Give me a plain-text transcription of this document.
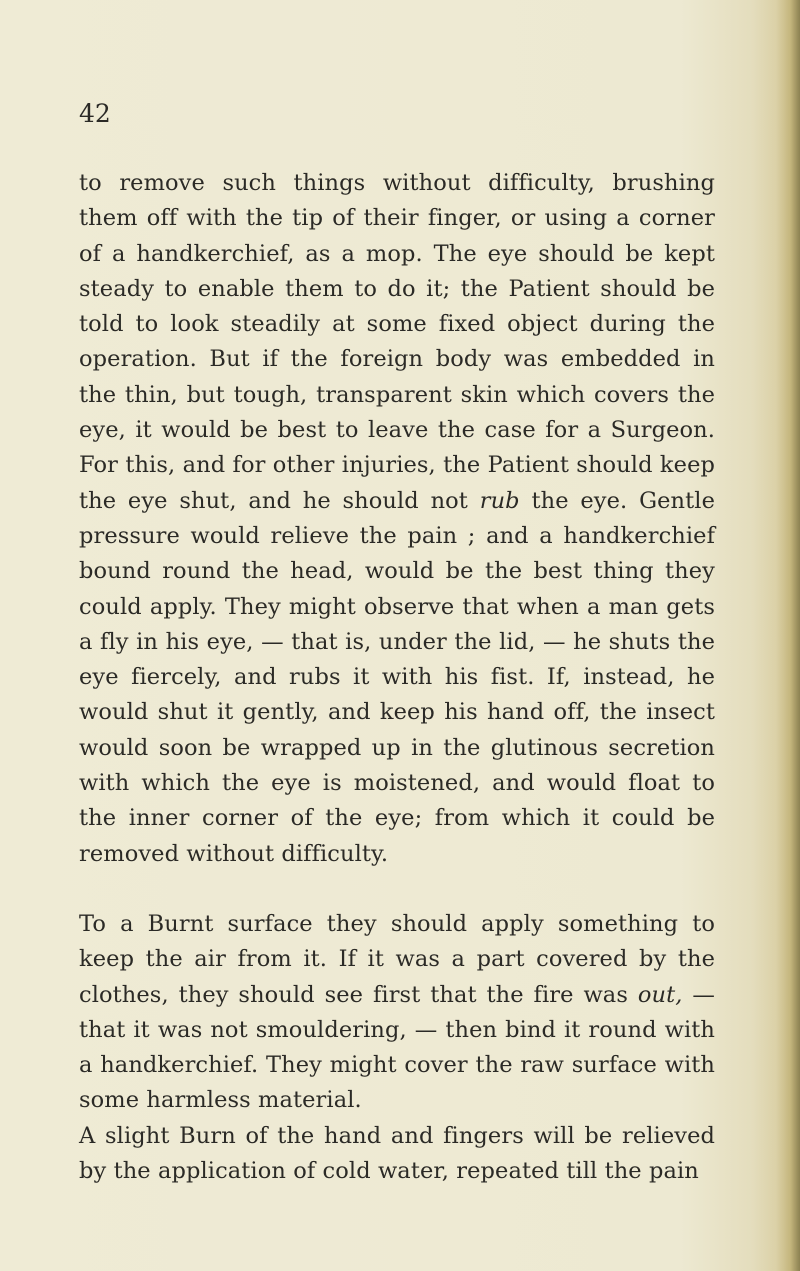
42

to remove such things without difficulty, brushing them off with the tip of their finger, or using a corner of a handkerchief, as a mop. The eye should be kept steady to enable them to do it; the Patient should be told to look steadily at some fixed object during the operation. But if the foreign body was embedded in the thin, but tough, transparent skin which covers the eye, it would be best to leave the case for a Surgeon. For this, and for other injuries, the Patient should keep the eye shut, and he should not rub the eye. Gentle pressure would relieve the pain ; and a handkerchief bound round the head, would be the best thing they could apply. They might observe that when a man gets a fly in his eye, — that is, under the lid, — he shuts the eye fiercely, and rubs it with his fist. If, instead, he would shut it gently, and keep his hand off, the insect would soon be wrapped up in the glutinous secretion with which the eye is moistened, and would float to the inner corner of the eye; from which it could be removed without difficulty.

To a Burnt surface they should apply something to keep the air from it. If it was a part covered by the clothes, they should see first that the fire was out, — that it was not smouldering, — then bind it round with a handkerchief. They might cover the raw surface with some harmless material.

A slight Burn of the hand and fingers will be relieved by the application of cold water, repeated till the pain
